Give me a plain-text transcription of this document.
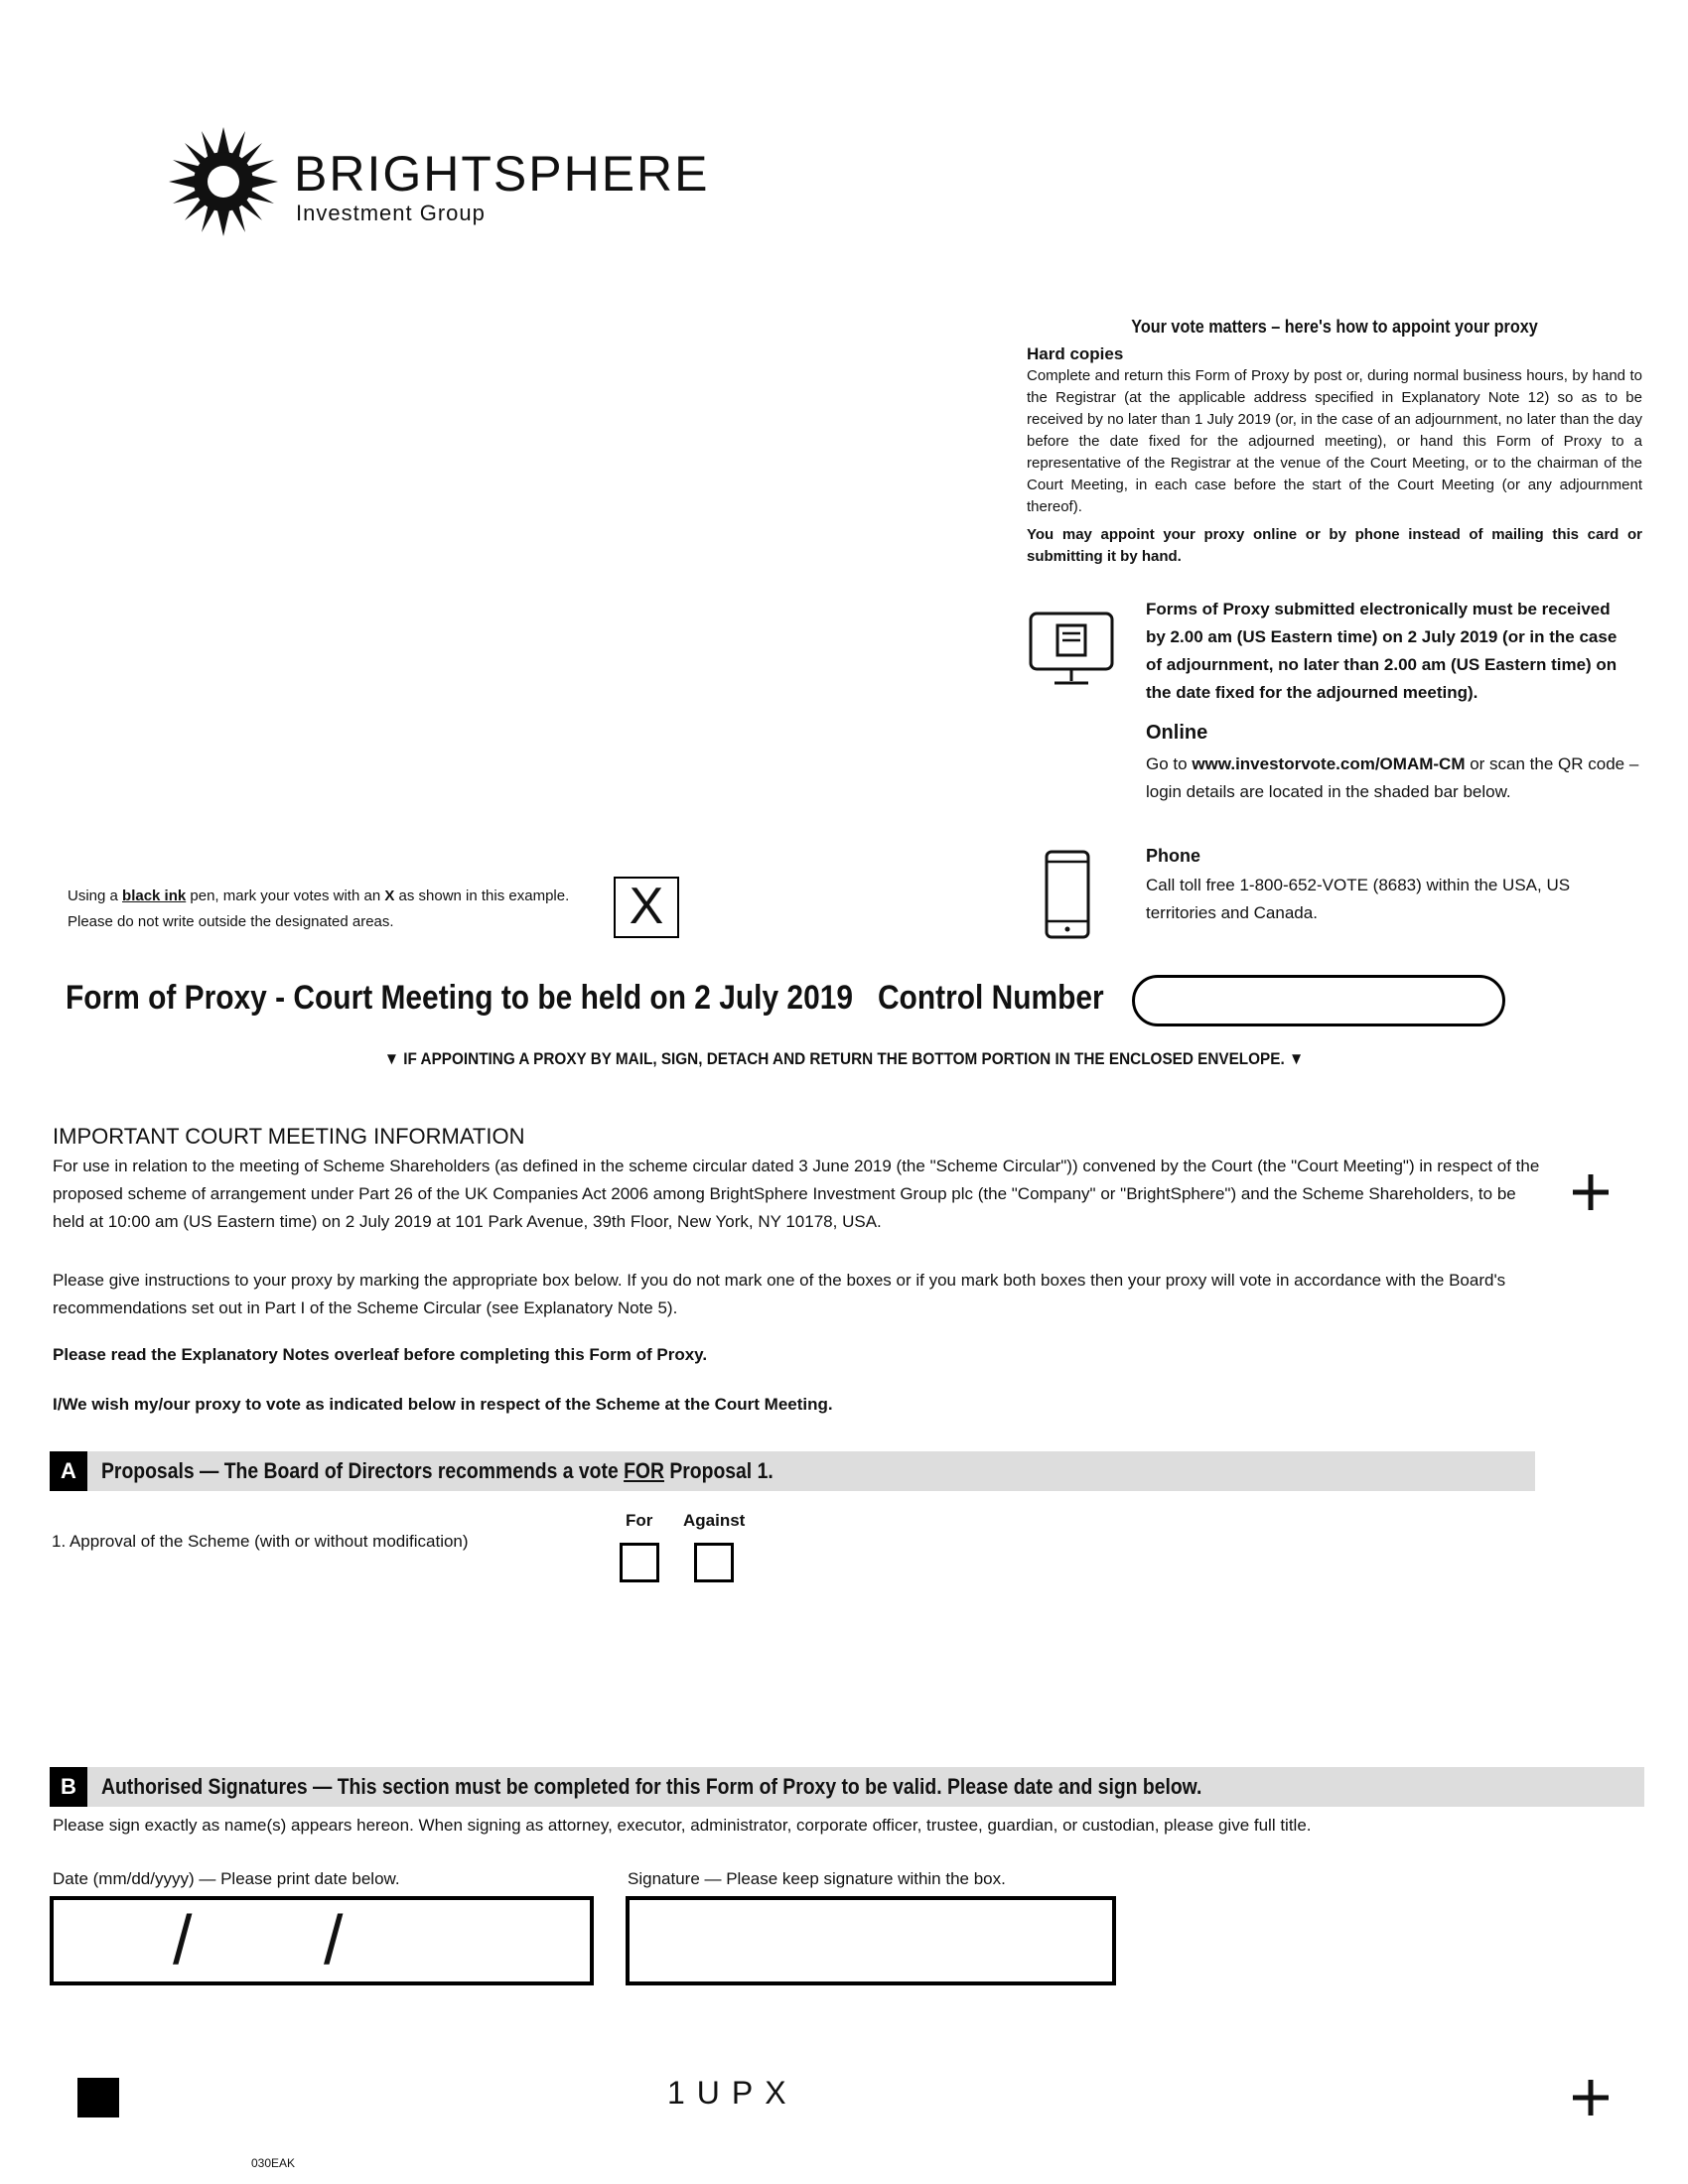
BRIGHTSPHERE
Investment Group
Your vote matters – here's how to appoint your proxy
Hard copies

Complete and return this Form of Proxy by post or, during normal business hours, by hand to the Registrar (at the applicable address specified in Explanatory Note 12) so as to be received by no later than 1 July 2019 (or, in the case of an adjournment, no later than the day before the date fixed for the adjourned meeting), or hand this Form of Proxy to a representative of the Registrar at the venue of the Court Meeting, or to the chairman of the Court Meeting, in each case before the start of the Court Meeting (or any adjournment thereof).

You may appoint your proxy online or by phone instead of mailing this card or submitting it by hand.

Forms of Proxy submitted electronically must be received by 2.00 am (US Eastern time) on 2 July 2019 (or in the case of adjournment, no later than 2.00 am (US Eastern time) on the date fixed for the adjourned meeting).
Online
Go to www.investorvote.com/OMAM-CM or scan the QR code – login details are located in the shaded bar below.
Phone
Call toll free 1-800-652-VOTE (8683) within the USA, US territories and Canada.
Using a black ink pen, mark your votes with an X as shown in this example.
Please do not write outside the designated areas.	X
Form of Proxy - Court Meeting to be held on 2 July 2019 Control Number
▼ IF APPOINTING A PROXY BY MAIL, SIGN, DETACH AND RETURN THE BOTTOM PORTION IN THE ENCLOSED ENVELOPE. ▼
IMPORTANT COURT MEETING INFORMATION
For use in relation to the meeting of Scheme Shareholders (as defined in the scheme circular dated 3 June 2019 (the "Scheme Circular")) convened by the Court (the "Court Meeting") in respect of the proposed scheme of arrangement under Part 26 of the UK Companies Act 2006 among BrightSphere Investment Group plc (the "Company" or "BrightSphere") and the Scheme Shareholders, to be held at 10:00 am (US Eastern time) on 2 July 2019 at 101 Park Avenue, 39th Floor, New York, NY 10178, USA.
Please give instructions to your proxy by marking the appropriate box below. If you do not mark one of the boxes or if you mark both boxes then your proxy will vote in accordance with the Board's recommendations set out in Part I of the Scheme Circular (see Explanatory Note 5).
Please read the Explanatory Notes overleaf before completing this Form of Proxy.
I/We wish my/our proxy to vote as indicated below in respect of the Scheme at the Court Meeting.
A	Proposals — The Board of Directors recommends a vote FOR Proposal 1.
1. Approval of the Scheme (with or without modification)
For Against
B	Authorised Signatures — This section must be completed for this Form of Proxy to be valid. Please date and sign below.
Please sign exactly as name(s) appears hereon. When signing as attorney, executor, administrator, corporate officer, trustee, guardian, or custodian, please give full title.
Date (mm/dd/yyyy) — Please print date below.	Signature — Please keep signature within the box.
/ /
1UPX
030EAK
